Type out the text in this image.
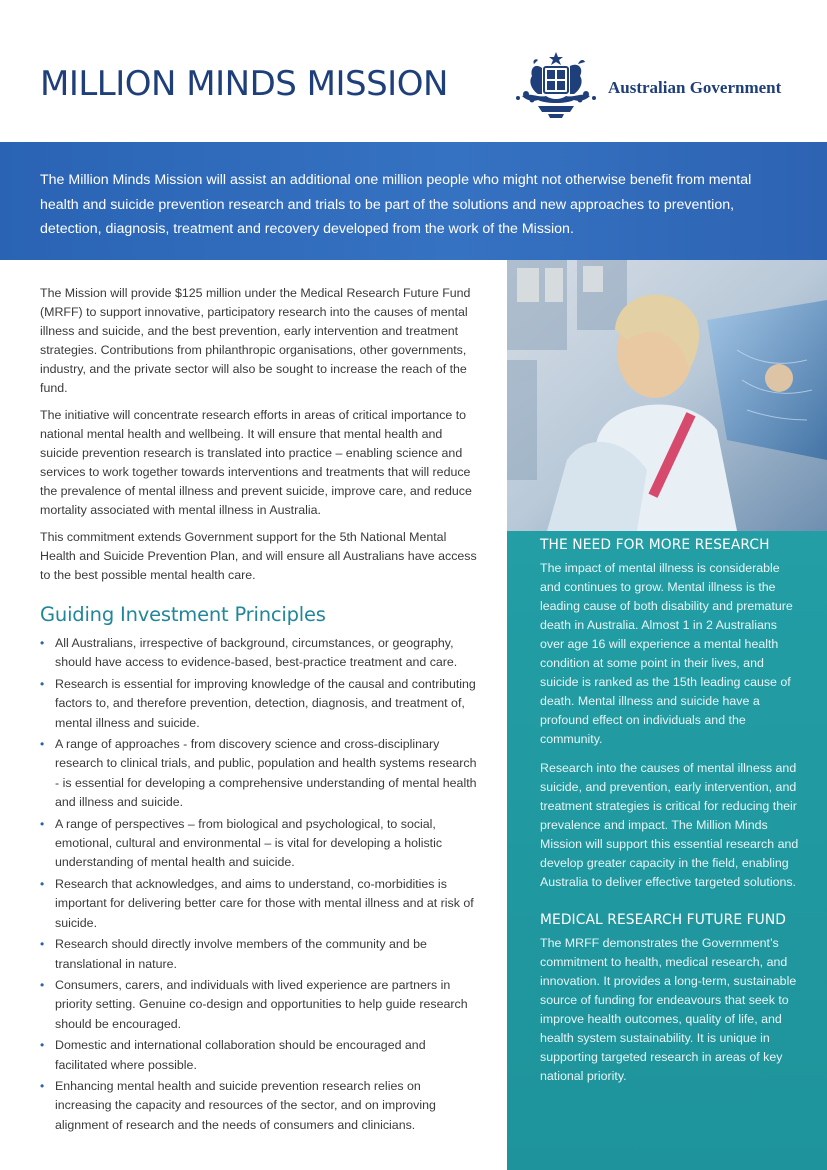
MILLION MINDS MISSION	Australian Government

The Million Minds Mission will assist an additional one million people who might not otherwise benefit from mental health and suicide prevention research and trials to be part of the solutions and new approaches to prevention, detection, diagnosis, treatment and recovery developed from the work of the Mission.

The Mission will provide $125 million under the Medical Research Future Fund (MRFF) to support innovative, participatory research into the causes of mental illness and suicide, and the best prevention, early intervention and treatment strategies. Contributions from philanthropic organisations, other governments, industry, and the private sector will also be sought to increase the reach of the fund.

The initiative will concentrate research efforts in areas of critical importance to national mental health and wellbeing. It will ensure that mental health and suicide prevention research is translated into practice – enabling science and services to work together towards interventions and treatments that will reduce the prevalence of mental illness and prevent suicide, improve care, and reduce mortality associated with mental illness in Australia.

This commitment extends Government support for the 5th National Mental Health and Suicide Prevention Plan, and will ensure all Australians have access to the best possible mental health care.

Guiding Investment Principles
• All Australians, irrespective of background, circumstances, or geography, should have access to evidence-based, best-practice treatment and care.
• Research is essential for improving knowledge of the causal and contributing factors to, and therefore prevention, detection, diagnosis, and treatment of, mental illness and suicide.
• A range of approaches - from discovery science and cross-disciplinary research to clinical trials, and public, population and health systems research - is essential for developing a comprehensive understanding of mental health and illness and suicide.
• A range of perspectives – from biological and psychological, to social, emotional, cultural and environmental – is vital for developing a holistic understanding of mental health and suicide.
• Research that acknowledges, and aims to understand, co-morbidities is important for delivering better care for those with mental illness and at risk of suicide.
• Research should directly involve members of the community and be translational in nature.
• Consumers, carers, and individuals with lived experience are partners in priority setting. Genuine co-design and opportunities to help guide research should be encouraged.
• Domestic and international collaboration should be encouraged and facilitated where possible.
• Enhancing mental health and suicide prevention research relies on increasing the capacity and resources of the sector, and on improving alignment of research and the needs of consumers and clinicians.
THE NEED FOR MORE RESEARCH

The impact of mental illness is considerable and continues to grow. Mental illness is the leading cause of both disability and premature death in Australia. Almost 1 in 2 Australians over age 16 will experience a mental health condition at some point in their lives, and suicide is ranked as the 15th leading cause of death. Mental illness and suicide have a profound effect on individuals and the community.

Research into the causes of mental illness and suicide, and prevention, early intervention, and treatment strategies is critical for reducing their prevalence and impact. The Million Minds Mission will support this essential research and develop greater capacity in the field, enabling Australia to deliver effective targeted solutions.

MEDICAL RESEARCH FUTURE FUND

The MRFF demonstrates the Government’s commitment to health, medical research, and innovation. It provides a long-term, sustainable source of funding for endeavours that seek to improve health outcomes, quality of life, and health system sustainability. It is unique in supporting targeted research in areas of key national priority.
